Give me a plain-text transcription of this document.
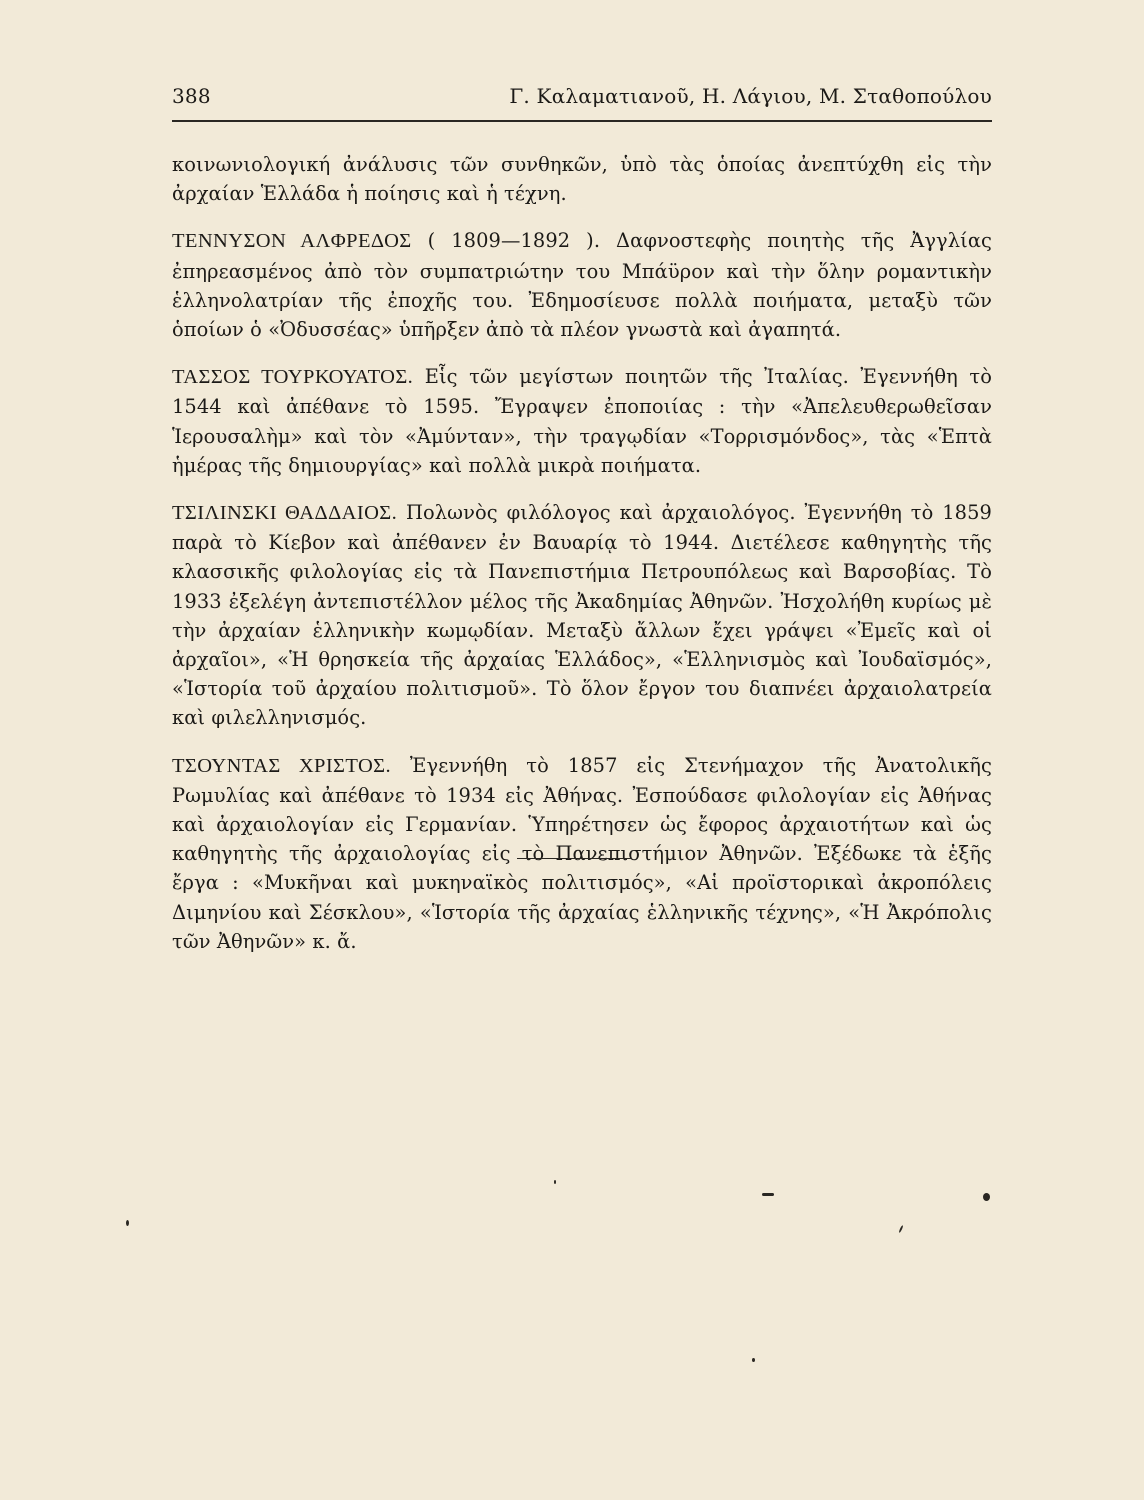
388	Γ. Καλαματιανοῦ, Η. Λάγιου, Μ. Σταθοπούλου

κοινωνιολογική ἀνάλυσις τῶν συνθηκῶν, ὑπὸ τὰς ὁποίας ἀνεπτύχθη εἰς τὴν ἀρχαίαν Ἑλλάδα ἡ ποίησις καὶ ἡ τέχνη.

ΤΕΝΝΥΣΟΝ ΑΛΦΡΕΔΟΣ ( 1809—1892 ). Δαφνοστεφὴς ποιητὴς τῆς Ἀγγλίας ἐπηρεασμένος ἀπὸ τὸν συμπατριώτην του Μπάϋρον καὶ τὴν ὅλην ρομαντικὴν ἑλληνολατρίαν τῆς ἐποχῆς του. Ἐδημοσίευσε πολλὰ ποιήματα, μεταξὺ τῶν ὁποίων ὁ «Ὀδυσσέας» ὑπῆρξεν ἀπὸ τὰ πλέον γνωστὰ καὶ ἀγαπητά.

ΤΑΣΣΟΣ ΤΟΥΡΚΟΥΑΤΟΣ. Εἷς τῶν μεγίστων ποιητῶν τῆς Ἰταλίας. Ἐγεννήθη τὸ 1544 καὶ ἀπέθανε τὸ 1595. Ἔγραψεν ἐποποιίας : τὴν «Ἀπελευθερωθεῖσαν Ἱερουσαλὴμ» καὶ τὸν «Ἀμύνταν», τὴν τραγῳδίαν «Τορρισμόνδος», τὰς «Ἑπτὰ ἡμέρας τῆς δημιουργίας» καὶ πολλὰ μικρὰ ποιήματα.

ΤΣΙΛΙΝΣΚΙ ΘΑΔΔΑΙΟΣ. Πολωνὸς φιλόλογος καὶ ἀρχαιολόγος. Ἐγεννήθη τὸ 1859 παρὰ τὸ Κίεβον καὶ ἀπέθανεν ἐν Βαυαρίᾳ τὸ 1944. Διετέλεσε καθηγητὴς τῆς κλασσικῆς φιλολογίας εἰς τὰ Πανεπιστήμια Πετρουπόλεως καὶ Βαρσοβίας. Τὸ 1933 ἐξελέγη ἀντεπιστέλλον μέλος τῆς Ἀκαδημίας Ἀθηνῶν. Ἠσχολήθη κυρίως μὲ τὴν ἀρχαίαν ἑλληνικὴν κωμῳδίαν. Μεταξὺ ἄλλων ἔχει γράψει «Ἐμεῖς καὶ οἱ ἀρχαῖοι», «Ἡ θρησκεία τῆς ἀρχαίας Ἑλλάδος», «Ἑλληνισμὸς καὶ Ἰουδαϊσμός», «Ἱστορία τοῦ ἀρχαίου πολιτισμοῦ». Τὸ ὅλον ἔργον του διαπνέει ἀρχαιολατρεία καὶ φιλελληνισμός.

ΤΣΟΥΝΤΑΣ ΧΡΙΣΤΟΣ. Ἐγεννήθη τὸ 1857 εἰς Στενήμαχον τῆς Ἀνατολικῆς Ρωμυλίας καὶ ἀπέθανε τὸ 1934 εἰς Ἀθήνας. Ἐσπούδασε φιλολογίαν εἰς Ἀθήνας καὶ ἀρχαιολογίαν εἰς Γερμανίαν. Ὑπηρέτησεν ὡς ἔφορος ἀρχαιοτήτων καὶ ὡς καθηγητὴς τῆς ἀρχαιολογίας εἰς τὸ Πανεπιστήμιον Ἀθηνῶν. Ἐξέδωκε τὰ ἑξῆς ἔργα : «Μυκῆναι καὶ μυκηναϊκὸς πολιτισμός», «Αἱ προϊστορικαὶ ἀκροπόλεις Διμηνίου καὶ Σέσκλου», «Ἱστορία τῆς ἀρχαίας ἑλληνικῆς τέχνης», «Ἡ Ἀκρόπολις τῶν Ἀθηνῶν» κ. ἄ.
